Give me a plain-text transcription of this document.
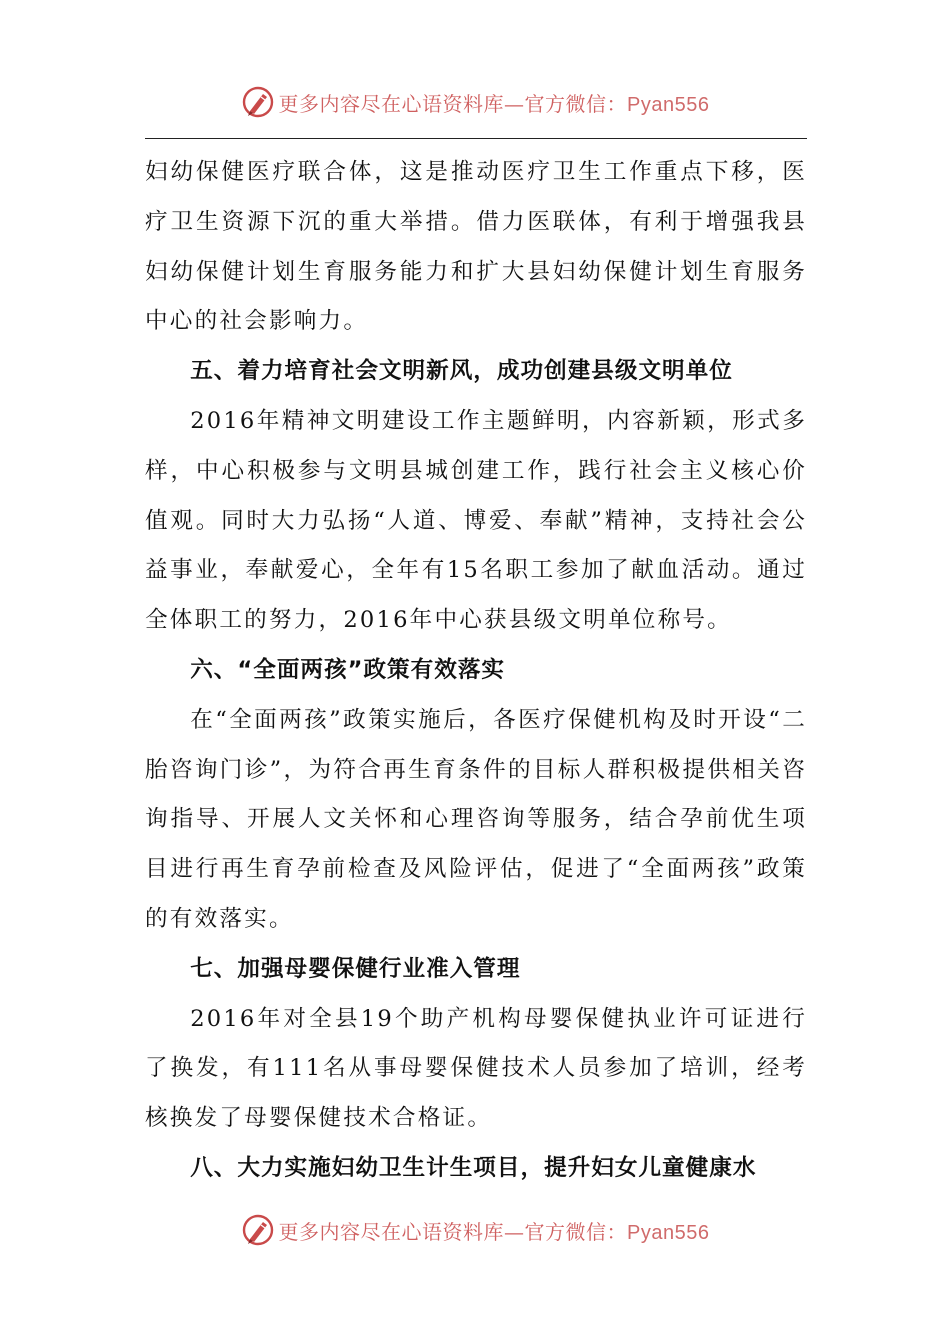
更多内容尽在心语资料库—官方微信：Pyan556

妇幼保健医疗联合体，这是推动医疗卫生工作重点下移，医疗卫生资源下沉的重大举措。借力医联体，有利于增强我县妇幼保健计划生育服务能力和扩大县妇幼保健计划生育服务中心的社会影响力。

五、着力培育社会文明新风，成功创建县级文明单位

2016年精神文明建设工作主题鲜明，内容新颖，形式多样，中心积极参与文明县城创建工作，践行社会主义核心价值观。同时大力弘扬“人道、博爱、奉献”精神，支持社会公益事业，奉献爱心，全年有15名职工参加了献血活动。通过全体职工的努力，2016年中心获县级文明单位称号。

六、“全面两孩”政策有效落实

在“全面两孩”政策实施后，各医疗保健机构及时开设“二胎咨询门诊”，为符合再生育条件的目标人群积极提供相关咨询指导、开展人文关怀和心理咨询等服务，结合孕前优生项目进行再生育孕前检查及风险评估，促进了“全面两孩”政策的有效落实。

七、加强母婴保健行业准入管理

2016年对全县19个助产机构母婴保健执业许可证进行了换发，有111名从事母婴保健技术人员参加了培训，经考核换发了母婴保健技术合格证。

八、大力实施妇幼卫生计生项目，提升妇女儿童健康水
更多内容尽在心语资料库—官方微信：Pyan556
